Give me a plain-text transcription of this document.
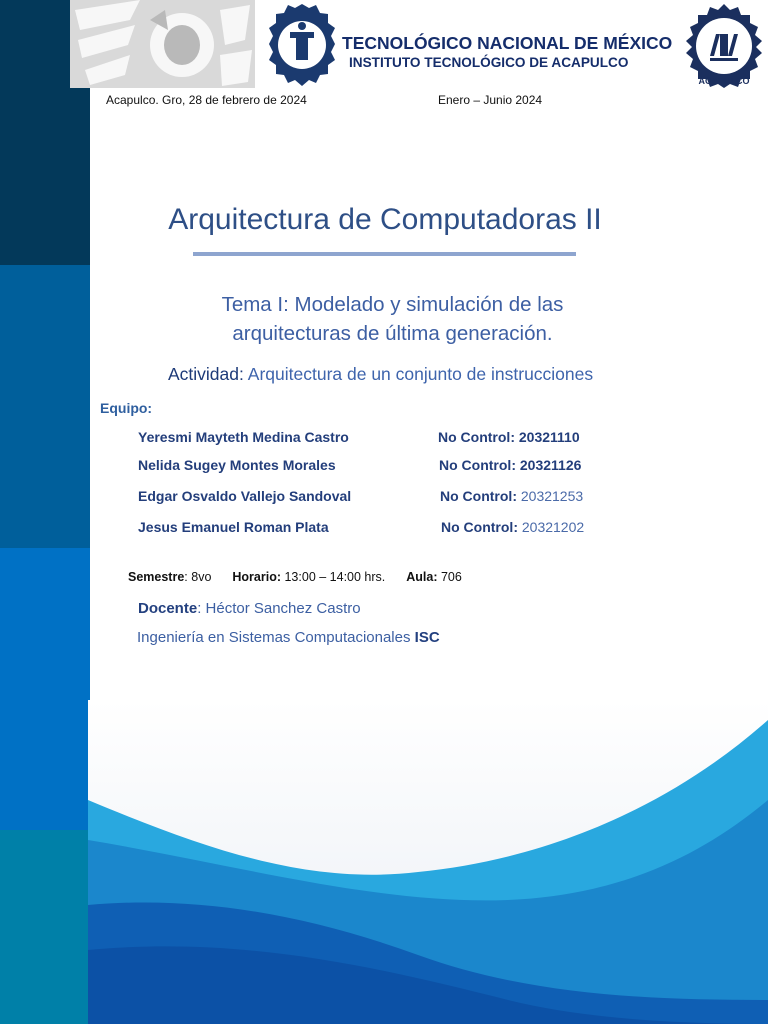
TECNOLÓGICO NACIONAL DE MÉXICO
INSTITUTO TECNOLÓGICO DE ACAPULCO
ACAPULCO
Acapulco. Gro, 28 de febrero de 2024	Enero – Junio 2024
Arquitectura de Computadoras II
Tema I: Modelado y simulación de las
arquitecturas de última generación.
Actividad: Arquitectura de un conjunto de instrucciones
Equipo:
Yeresmi Mayteth Medina Castro	No Control: 20321110
Nelida Sugey Montes Morales	No Control: 20321126
Edgar Osvaldo Vallejo Sandoval	No Control: 20321253
Jesus Emanuel Roman Plata	No Control: 20321202
Semestre: 8vo Horario: 13:00 – 14:00 hrs. Aula: 706
Docente: Héctor Sanchez Castro
Ingeniería en Sistemas Computacionales ISC
